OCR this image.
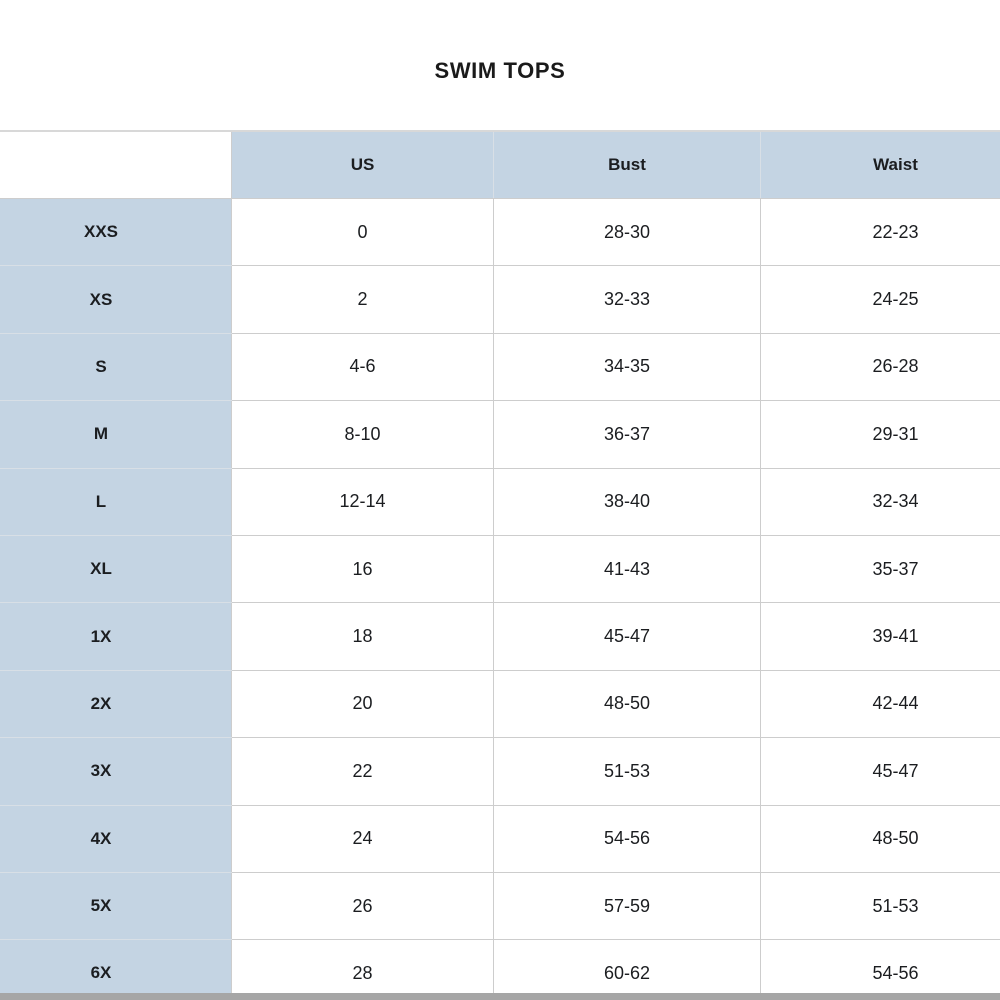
SWIM TOPS
	US	Bust	Waist
XXS	0	28-30	22-23
XS	2	32-33	24-25
S	4-6	34-35	26-28
M	8-10	36-37	29-31
L	12-14	38-40	32-34
XL	16	41-43	35-37
1X	18	45-47	39-41
2X	20	48-50	42-44
3X	22	51-53	45-47
4X	24	54-56	48-50
5X	26	57-59	51-53
6X	28	60-62	54-56
